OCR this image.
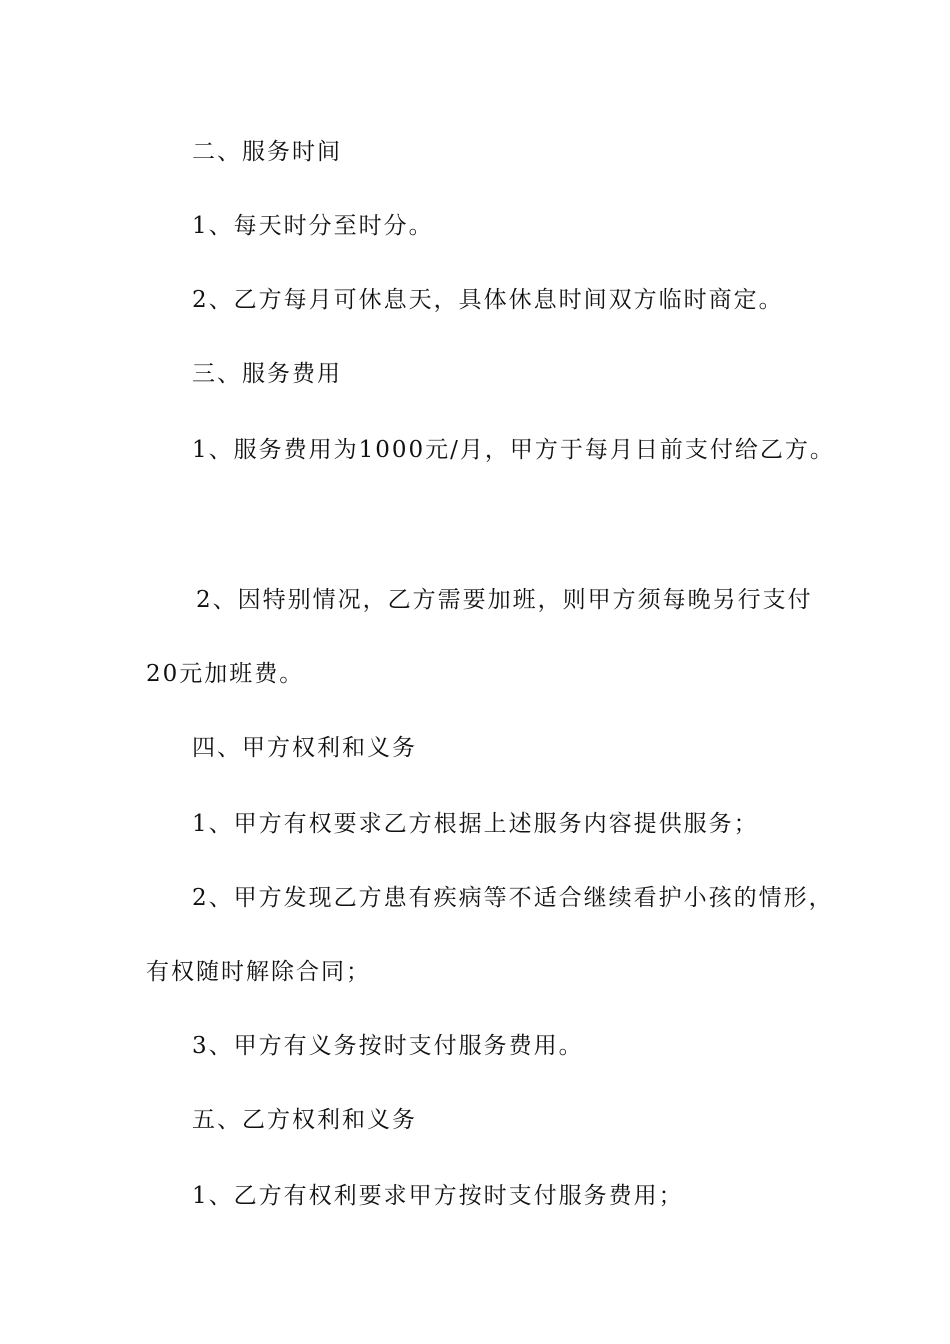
二、服务时间

1、每天时分至时分。

2、乙方每月可休息天，具体休息时间双方临时商定。

三、服务费用

1、服务费用为1000元/月，甲方于每月日前支付给乙方。

2、因特别情况，乙方需要加班，则甲方须每晚另行支付

20元加班费。

四、甲方权利和义务

1、甲方有权要求乙方根据上述服务内容提供服务；

2、甲方发现乙方患有疾病等不适合继续看护小孩的情形，

有权随时解除合同；

3、甲方有义务按时支付服务费用。

五、乙方权利和义务

1、乙方有权利要求甲方按时支付服务费用；
